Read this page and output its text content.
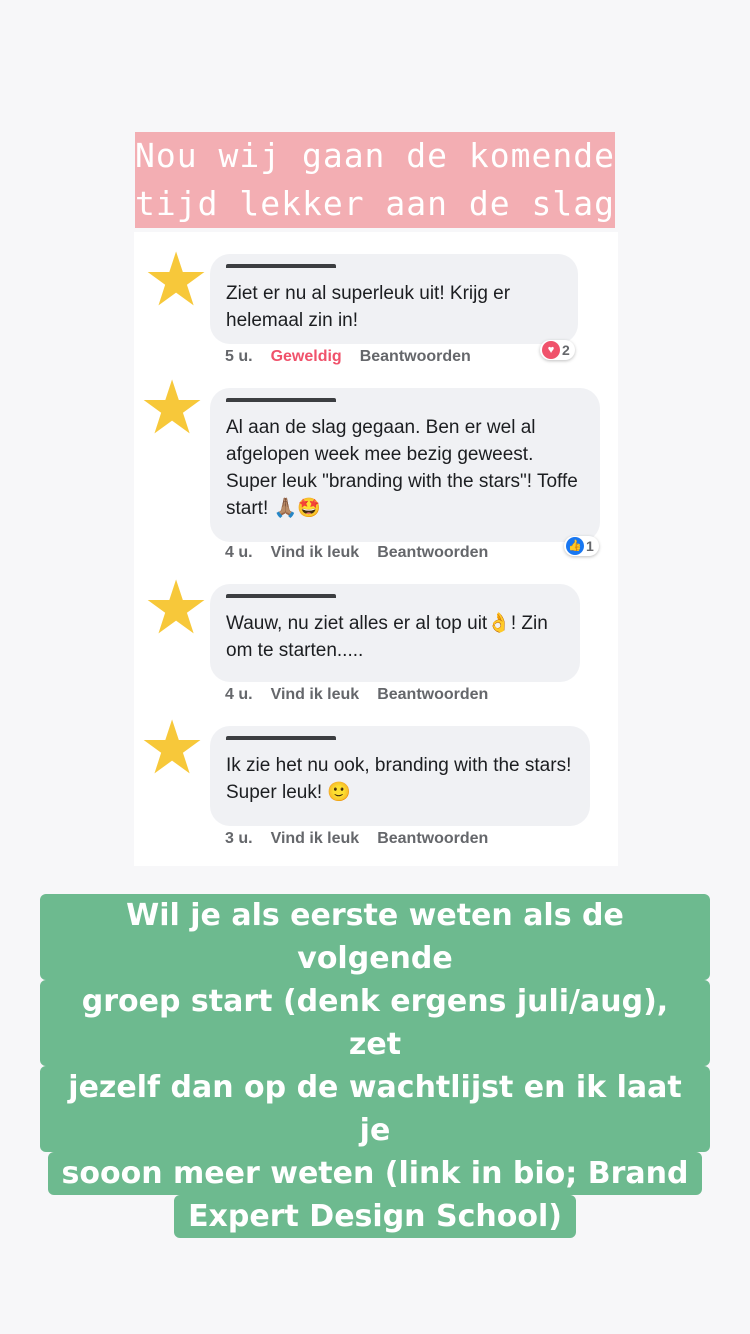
Nou wij gaan de komende
tijd lekker aan de slag
♥ ♥♥ ♥♥ ♥
★ Ziet er nu al superleuk uit! Krijg er helemaal zin in!
5 u. Geweldig Beantwoorden	♥ 2
★	Al aan de slag gegaan. Ben er wel al afgelopen week mee bezig geweest. Super leuk "branding with the stars"! Toffe start! 🙏🏽🤩
4 u. Vind ik leuk Beantwoorden	👍 1
★ Wauw, nu ziet alles er al top uit👌! Zin om te starten.....
4 u. Vind ik leuk Beantwoorden
★	Ik zie het nu ook, branding with the stars! Super leuk! 🙂
3 u. Vind ik leuk Beantwoorden
Wil je als eerste weten als de volgende
groep start (denk ergens juli/aug), zet
jezelf dan op de wachtlijst en ik laat je
sooon meer weten (link in bio; Brand
Expert Design School)
